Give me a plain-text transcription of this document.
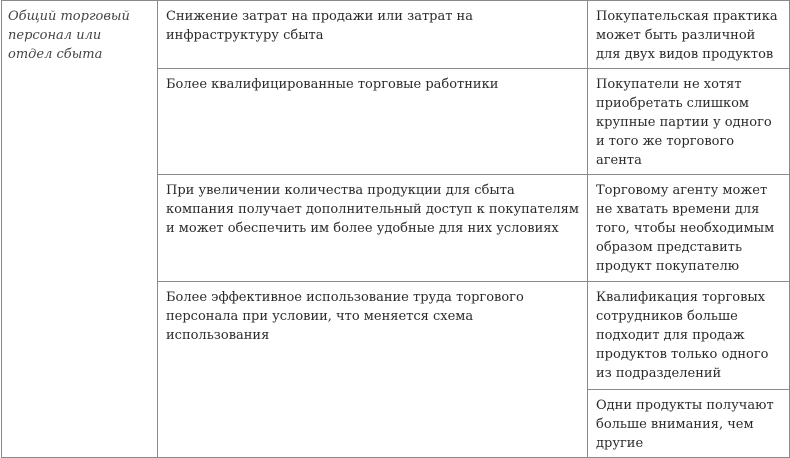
Общий торговый персонал или отдел сбыта	Снижение затрат на продажи или затрат на инфраструктуру сбыта	Покупательская практика может быть различной для двух видов продуктов
	Более квалифицированные торговые работники	Покупатели не хотят приобретать слишком крупные партии у одного и того же торгового агента
	При увеличении количества продукции для сбыта компания получает дополнительный доступ к покупателям и может обеспечить им более удобные для них условиях	Торговому агенту может не хватать времени для того, чтобы необходимым образом представить продукт покупателю
	Более эффективное использование труда торгового персонала при условии, что меняется схема использования	Квалификация торговых сотрудников больше подходит для продаж продуктов только одного из подразделений
		Одни продукты получают больше внимания, чем другие
